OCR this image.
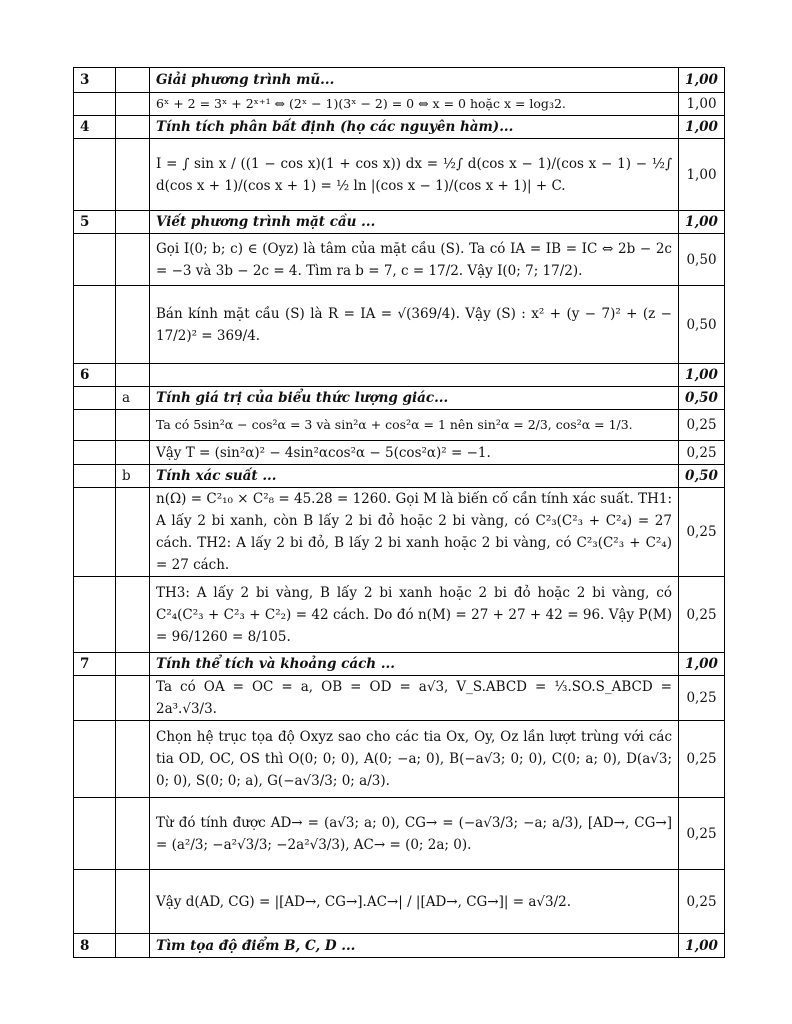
3		Giải phương trình mũ...	1,00
		6ˣ + 2 = 3ˣ + 2ˣ⁺¹ ⇔ (2ˣ − 1)(3ˣ − 2) = 0 ⇔ x = 0 hoặc x = log₃2.	1,00
4		Tính tích phân bất định (họ các nguyên hàm)...	1,00
		I = ∫ sin x / ((1 − cos x)(1 + cos x)) dx = ½∫ d(cos x − 1)/(cos x − 1) − ½∫ d(cos x + 1)/(cos x + 1) = ½ ln |(cos x − 1)/(cos x + 1)| + C.	1,00
5		Viết phương trình mặt cầu ...	1,00
		Gọi I(0; b; c) ∈ (Oyz) là tâm của mặt cầu (S). Ta có IA = IB = IC ⇔ 2b − 2c = −3 và 3b − 2c = 4. Tìm ra b = 7, c = 17/2. Vậy I(0; 7; 17/2).	0,50
		Bán kính mặt cầu (S) là R = IA = √(369/4). Vậy (S) : x² + (y − 7)² + (z − 17/2)² = 369/4.	0,50
6			1,00
	a	Tính giá trị của biểu thức lượng giác...	0,50
		Ta có 5sin²α − cos²α = 3 và sin²α + cos²α = 1 nên sin²α = 2/3, cos²α = 1/3.	0,25
		Vậy T = (sin²α)² − 4sin²αcos²α − 5(cos²α)² = −1.	0,25
	b	Tính xác suất ...	0,50
		n(Ω) = C²₁₀ × C²₈ = 45.28 = 1260. Gọi M là biến cố cần tính xác suất. TH1: A lấy 2 bi xanh, còn B lấy 2 bi đỏ hoặc 2 bi vàng, có C²₃(C²₃ + C²₄) = 27 cách. TH2: A lấy 2 bi đỏ, B lấy 2 bi xanh hoặc 2 bi vàng, có C²₃(C²₃ + C²₄) = 27 cách.	0,25
		TH3: A lấy 2 bi vàng, B lấy 2 bi xanh hoặc 2 bi đỏ hoặc 2 bi vàng, có C²₄(C²₃ + C²₃ + C²₂) = 42 cách. Do đó n(M) = 27 + 27 + 42 = 96. Vậy P(M) = 96/1260 = 8/105.	0,25
7		Tính thể tích và khoảng cách ...	1,00
		Ta có OA = OC = a, OB = OD = a√3, V_S.ABCD = ⅓.SO.S_ABCD = 2a³.√3/3.	0,25
		Chọn hệ trục tọa độ Oxyz sao cho các tia Ox, Oy, Oz lần lượt trùng với các tia OD, OC, OS thì O(0; 0; 0), A(0; −a; 0), B(−a√3; 0; 0), C(0; a; 0), D(a√3; 0; 0), S(0; 0; a), G(−a√3/3; 0; a/3).	0,25
		Từ đó tính được AD→ = (a√3; a; 0), CG→ = (−a√3/3; −a; a/3), [AD→, CG→] = (a²/3; −a²√3/3; −2a²√3/3), AC→ = (0; 2a; 0).	0,25
		Vậy d(AD, CG) = |[AD→, CG→].AC→| / |[AD→, CG→]| = a√3/2.	0,25
8		Tìm tọa độ điểm B, C, D ...	1,00
